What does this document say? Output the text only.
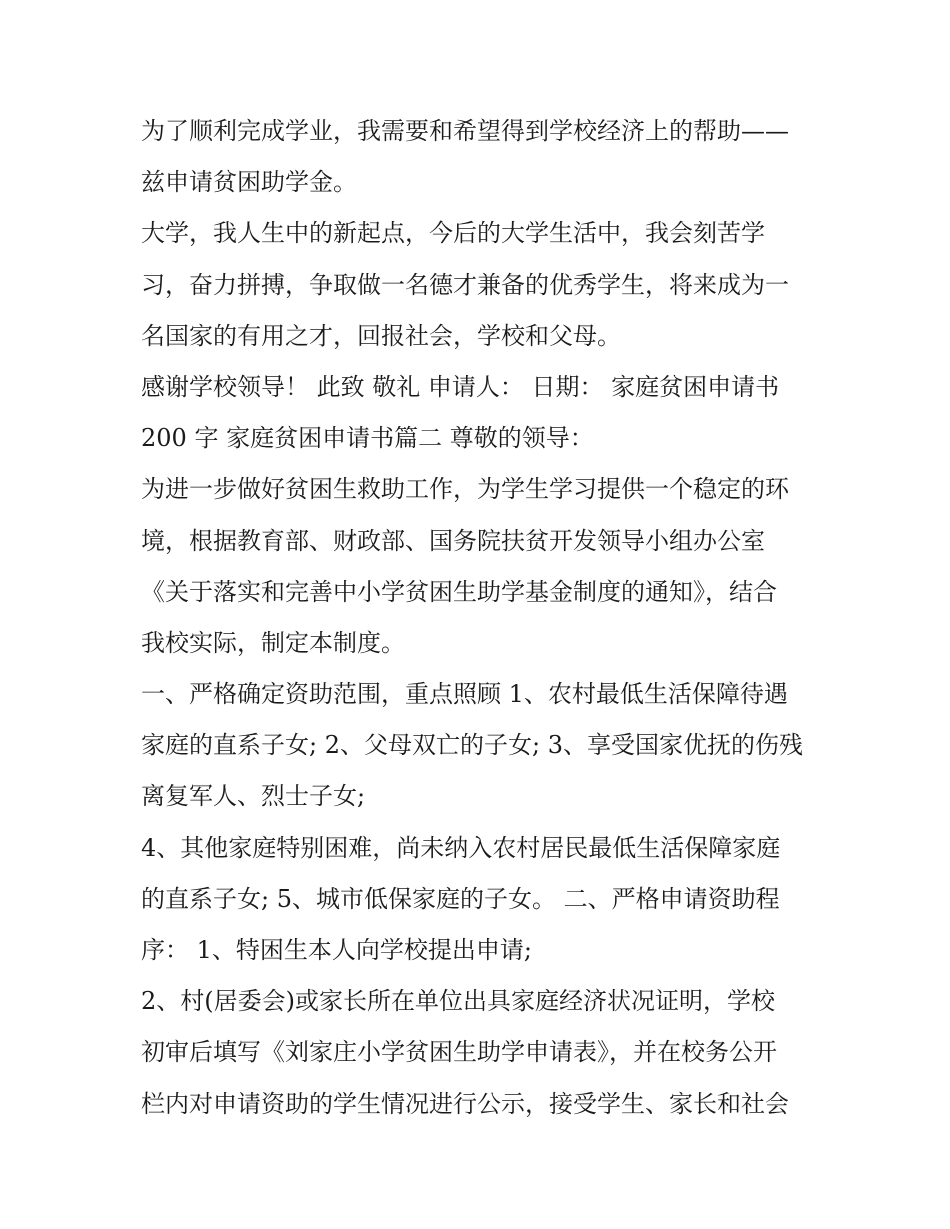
为了顺利完成学业，我需要和希望得到学校经济上的帮助——
兹申请贫困助学金。
大学，我人生中的新起点，今后的大学生活中，我会刻苦学
习，奋力拼搏，争取做一名德才兼备的优秀学生，将来成为一
名国家的有用之才，回报社会，学校和父母。
感谢学校领导！ 此致 敬礼 申请人： 日期： 家庭贫困申请书
200 字 家庭贫困申请书篇二 尊敬的领导：
为进一步做好贫困生救助工作，为学生学习提供一个稳定的环
境，根据教育部、财政部、国务院扶贫开发领导小组办公室
《关于落实和完善中小学贫困生助学基金制度的通知》，结合
我校实际，制定本制度。
一、严格确定资助范围，重点照顾 1、农村最低生活保障待遇
家庭的直系子女; 2、父母双亡的子女; 3、享受国家优抚的伤残
离复军人、烈士子女;
4、其他家庭特别困难，尚未纳入农村居民最低生活保障家庭
的直系子女; 5、城市低保家庭的子女。 二、严格申请资助程
序： 1、特困生本人向学校提出申请;
2、村(居委会)或家长所在单位出具家庭经济状况证明，学校
初审后填写《刘家庄小学贫困生助学申请表》，并在校务公开
栏内对申请资助的学生情况进行公示，接受学生、家长和社会
